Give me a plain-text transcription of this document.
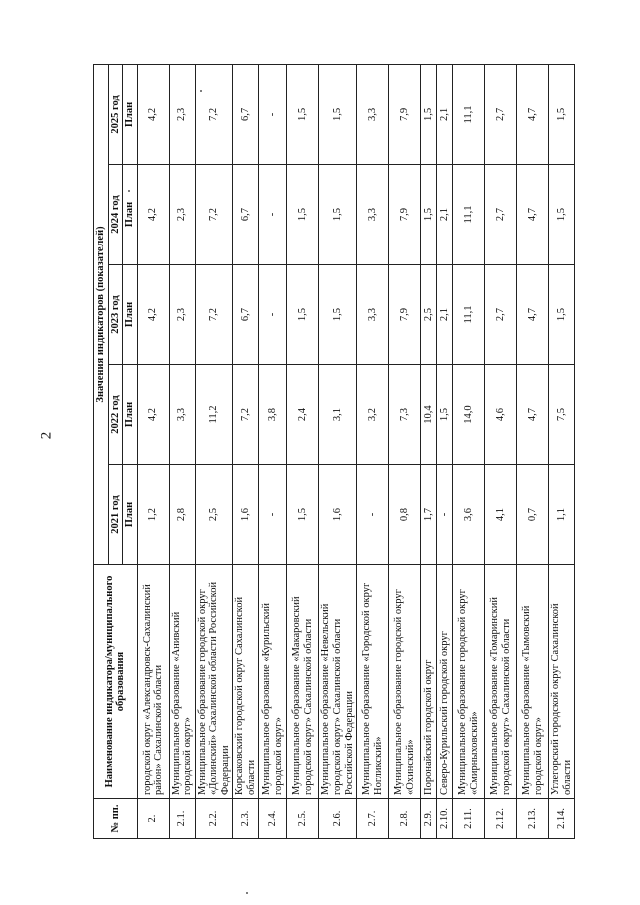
2
№ пп.	Наименование индикатора/муниципального образования	Значения индикаторов (показателей)				
		2021 год	2022 год	2023 год	2024 год	2025 год
		План	План	План	План	План
2.	городской округ «Александровск-Сахалинский район» Сахалинской области	1,2	4,2	4,2	4,2	4,2
2.1.	Муниципальное образование «Анивский городской округ»	2,8	3,3	2,3	2,3	2,3
2.2.	Муниципальное образование городской округ «Долинский» Сахалинской области Российской Федерации	2,5	11,2	7,2	7,2	7,2
2.3.	Корсаковский городской округ Сахалинской области	1,6	7,2	6,7	6,7	6,7
2.4.	Муниципальное образование «Курильский городской округ»	-	3,8	-	-	-
2.5.	Муниципальное образование «Макаровский городской округ» Сахалинской области	1,5	2,4	1,5	1,5	1,5
2.6.	Муниципальное образование «Невельский городской округ» Сахалинской области Российской Федерации	1,6	3,1	1,5	1,5	1,5
2.7.	Муниципальное образование «Городской округ Ногликский»	-	3,2	3,3	3,3	3,3
2.8.	Муниципальное образование городской округ «Охинский»	0,8	7,3	7,9	7,9	7,9
2.9.	Поронайский городской округ	1,7	10,4	2,5	1,5	1,5
2.10.	Северо-Курильский городской округ	-	1,5	2,1	2,1	2,1
2.11.	Муниципальное образование городской округ «Смирныховский»	3,6	14,0	11,1	11,1	11,1
2.12.	Муниципальное образование «Томаринский городской округ» Сахалинской области	4,1	4,6	2,7	2,7	2,7
2.13.	Муниципальное образование «Тымовский городской округ»	0,7	4,7	4,7	4,7	4,7
2.14.	Углегорский городской округ Сахалинской области	1,1	7,5	1,5	1,5	1,5
